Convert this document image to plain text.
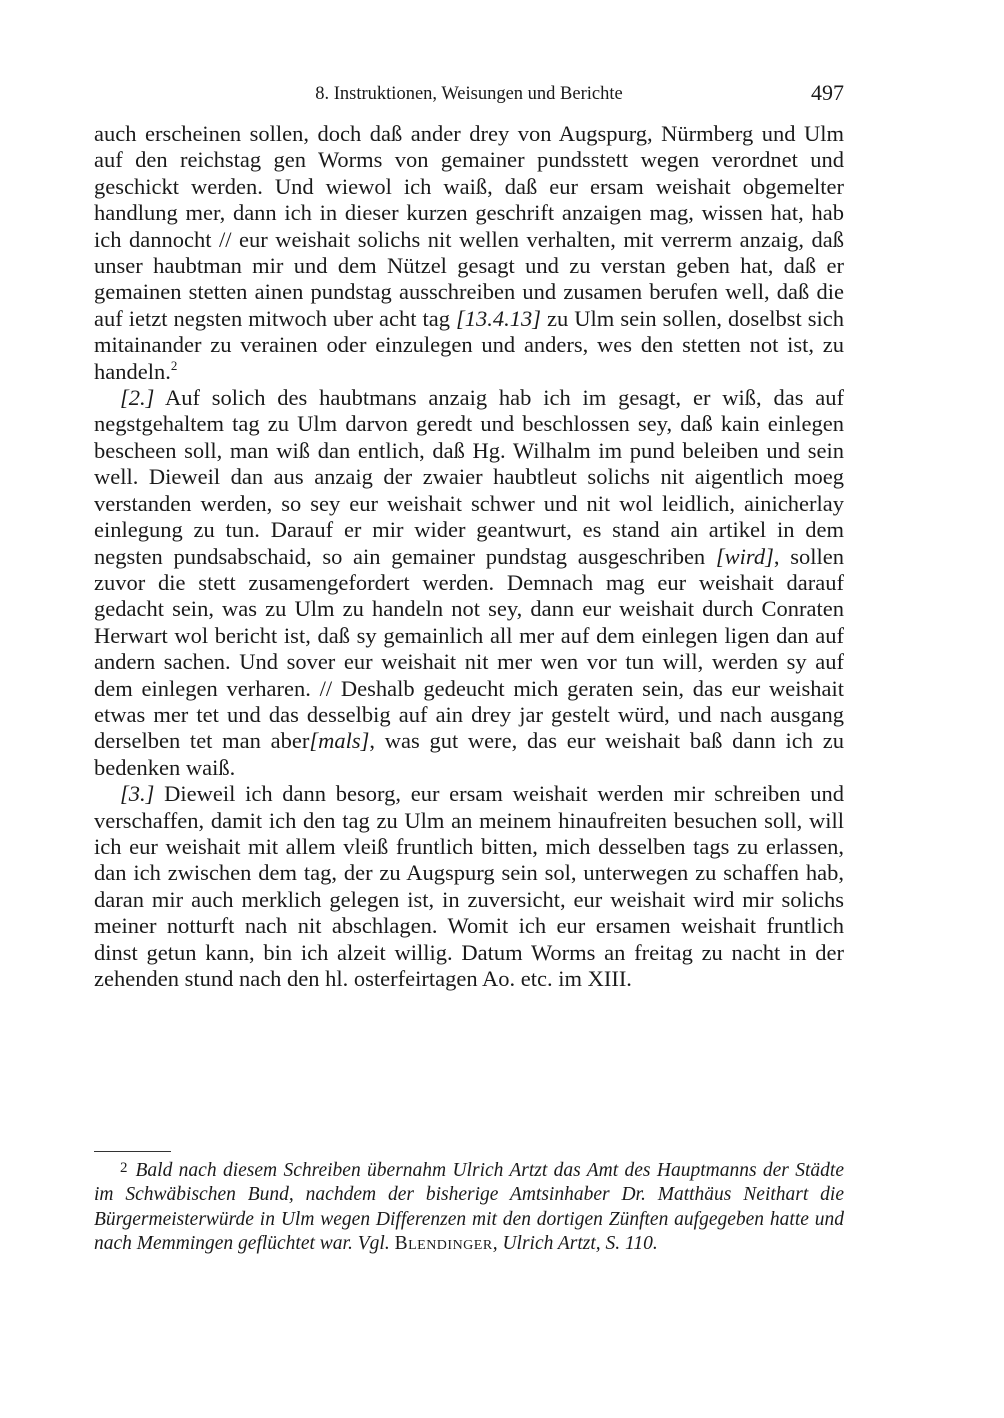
8. Instruktionen, Weisungen und Berichte	497

auch erscheinen sollen, doch daß ander drey von Augspurg, Nürmberg und Ulm auf den reichstag gen Worms von gemainer pundsstett wegen verordnet und geschickt werden. Und wiewol ich waiß, daß eur ersam weishait obgemelter handlung mer, dann ich in dieser kurzen geschrift anzaigen mag, wissen hat, hab ich dannocht // eur weishait solichs nit wellen verhalten, mit verrerm anzaig, daß unser haubtman mir und dem Nützel gesagt und zu verstan geben hat, daß er gemainen stetten ainen pundstag ausschreiben und zusamen berufen well, daß die auf ietzt negsten mitwoch uber acht tag [13.4.13] zu Ulm sein sollen, doselbst sich mitainander zu verainen oder einzulegen und anders, wes den stetten not ist, zu handeln.$^2$

[2.] Auf solich des haubtmans anzaig hab ich im gesagt, er wiß, das auf negstgehaltem tag zu Ulm darvon geredt und beschlossen sey, daß kain einlegen bescheen soll, man wiß dan entlich, daß Hg. Wilhalm im pund beleiben und sein well. Dieweil dan aus anzaig der zwaier haubtleut solichs nit aigentlich moeg verstanden werden, so sey eur weishait schwer und nit wol leidlich, ainicherlay einlegung zu tun. Darauf er mir wider geantwurt, es stand ain artikel in dem negsten pundsabschaid, so ain gemainer pundstag ausgeschriben [wird], sollen zuvor die stett zusamengefordert werden. Demnach mag eur weishait darauf gedacht sein, was zu Ulm zu handeln not sey, dann eur weishait durch Conraten Herwart wol bericht ist, daß sy gemainlich all mer auf dem einlegen ligen dan auf andern sachen. Und sover eur weishait nit mer wen vor tun will, werden sy auf dem einlegen verharen. // Deshalb gedeucht mich geraten sein, das eur weishait etwas mer tet und das desselbig auf ain drey jar gestelt würd, und nach ausgang derselben tet man aber[mals], was gut were, das eur weishait baß dann ich zu bedenken waiß.

[3.] Dieweil ich dann besorg, eur ersam weishait werden mir schreiben und verschaffen, damit ich den tag zu Ulm an meinem hinaufreiten besuchen soll, will ich eur weishait mit allem vleiß fruntlich bitten, mich desselben tags zu erlassen, dan ich zwischen dem tag, der zu Augspurg sein sol, unterwegen zu schaffen hab, daran mir auch merklich gelegen ist, in zuversicht, eur weishait wird mir solichs meiner notturft nach nit abschlagen. Womit ich eur ersamen weishait fruntlich dinst getun kann, bin ich alzeit willig. Datum Worms an freitag zu nacht in der zehenden stund nach den hl. osterfeirtagen Ao. etc. im XIII.

$^2$ Bald nach diesem Schreiben übernahm Ulrich Artzt das Amt des Hauptmanns der Städte im Schwäbischen Bund, nachdem der bisherige Amtsinhaber Dr. Matthäus Neithart die Bürgermeisterwürde in Ulm wegen Differenzen mit den dortigen Zünften aufgegeben hatte und nach Memmingen geflüchtet war. Vgl. Blendinger, Ulrich Artzt, S. 110.
